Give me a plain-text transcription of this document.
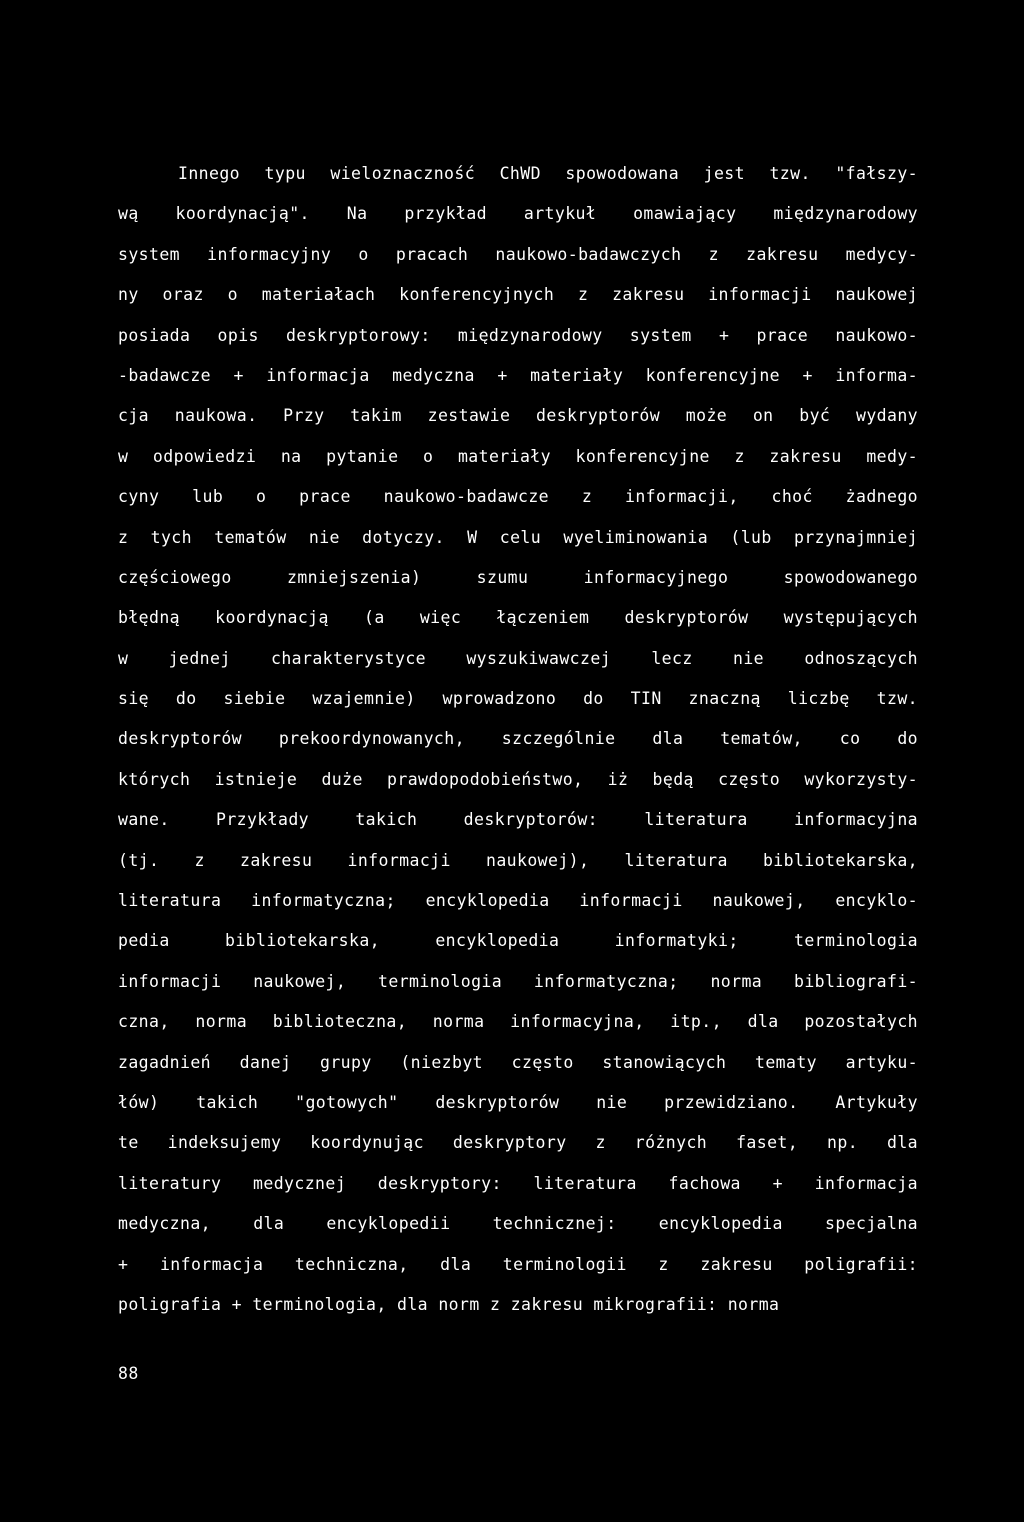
Innego typu wieloznaczność ChWD spowodowana jest tzw. "fałszy-
wą koordynacją". Na przykład artykuł omawiający międzynarodowy
system informacyjny o pracach naukowo-badawczych z zakresu medycy-
ny oraz o materiałach konferencyjnych z zakresu informacji naukowej
posiada opis deskryptorowy: międzynarodowy system + prace naukowo-
-badawcze + informacja medyczna + materiały konferencyjne + informa-
cja naukowa. Przy takim zestawie deskryptorów może on być wydany
w odpowiedzi na pytanie o materiały konferencyjne z zakresu medy-
cyny lub o prace naukowo-badawcze z informacji, choć żadnego
z tych tematów nie dotyczy. W celu wyeliminowania (lub przynajmniej
częściowego zmniejszenia) szumu informacyjnego spowodowanego
błędną koordynacją (a więc łączeniem deskryptorów występujących
w jednej charakterystyce wyszukiwawczej lecz nie odnoszących
się do siebie wzajemnie) wprowadzono do TIN znaczną liczbę tzw.
deskryptorów prekoordynowanych, szczególnie dla tematów, co do
których istnieje duże prawdopodobieństwo, iż będą często wykorzysty-
wane. Przykłady takich deskryptorów: literatura informacyjna
(tj. z zakresu informacji naukowej), literatura bibliotekarska,
literatura informatyczna; encyklopedia informacji naukowej, encyklo-
pedia bibliotekarska, encyklopedia informatyki; terminologia
informacji naukowej, terminologia informatyczna; norma bibliografi-
czna, norma biblioteczna, norma informacyjna, itp., dla pozostałych
zagadnień danej grupy (niezbyt często stanowiących tematy artyku-
łów) takich "gotowych" deskryptorów nie przewidziano. Artykuły
te indeksujemy koordynując deskryptory z różnych faset, np. dla
literatury medycznej deskryptory: literatura fachowa + informacja
medyczna, dla encyklopedii technicznej: encyklopedia specjalna
+ informacja techniczna, dla terminologii z zakresu poligrafii:
poligrafia + terminologia, dla norm z zakresu mikrografii: norma
88
